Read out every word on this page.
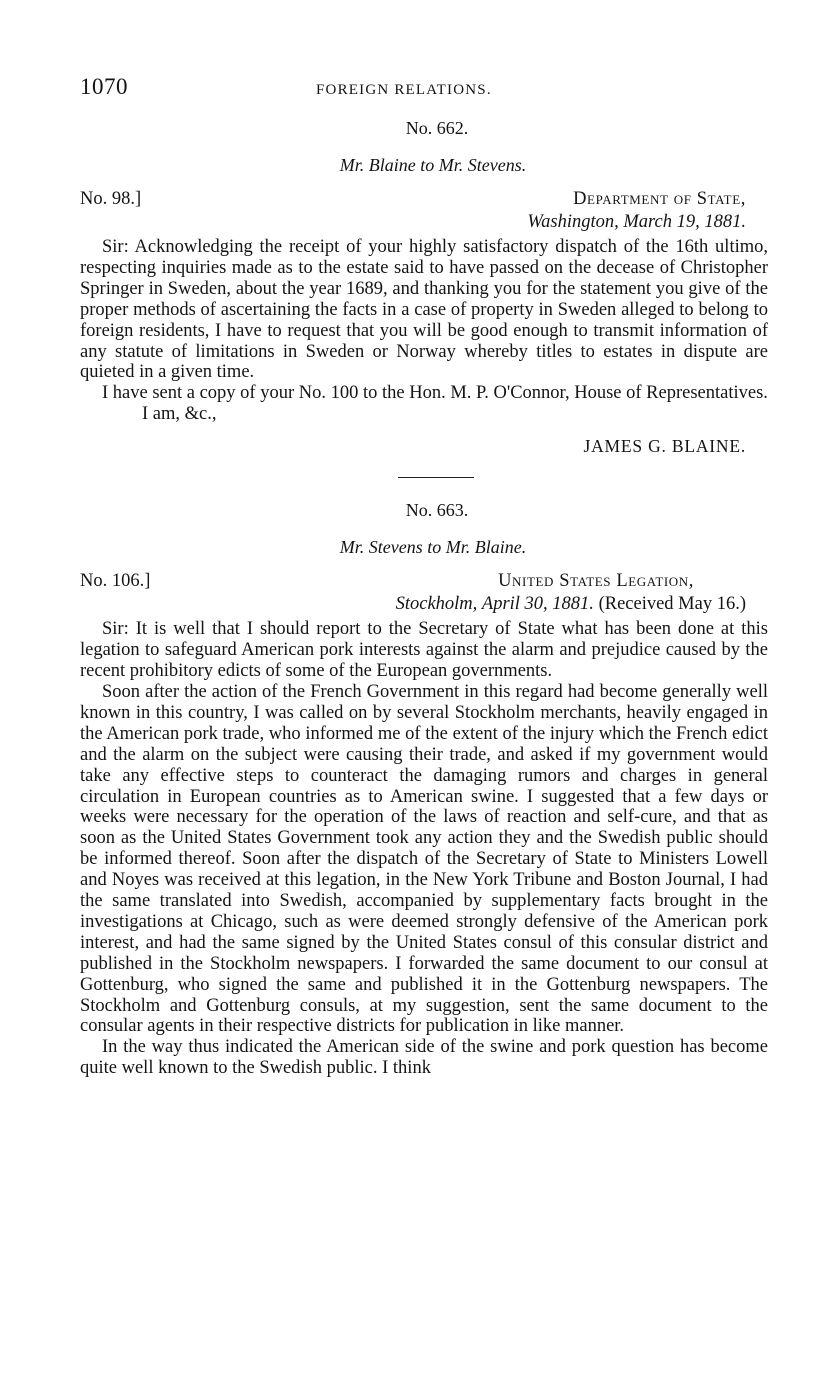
1070	FOREIGN RELATIONS.
No. 662.
Mr. Blaine to Mr. Stevens.
No. 98.]	Department of State,
Washington, March 19, 1881.

Sir: Acknowledging the receipt of your highly satisfactory dispatch of the 16th ultimo, respecting inquiries made as to the estate said to have passed on the decease of Christopher Springer in Sweden, about the year 1689, and thanking you for the statement you give of the proper methods of ascertaining the facts in a case of property in Sweden alleged to belong to foreign residents, I have to request that you will be good enough to transmit information of any statute of limitations in Sweden or Norway whereby titles to estates in dispute are quieted in a given time.

I have sent a copy of your No. 100 to the Hon. M. P. O'Connor, House of Representatives.

I am, &c.,
JAMES G. BLAINE.
No. 663.
Mr. Stevens to Mr. Blaine.
No. 106.]	United States Legation,
Stockholm, April 30, 1881. (Received May 16.)

Sir: It is well that I should report to the Secretary of State what has been done at this legation to safeguard American pork interests against the alarm and prejudice caused by the recent prohibitory edicts of some of the European governments.

Soon after the action of the French Government in this regard had become generally well known in this country, I was called on by several Stockholm merchants, heavily engaged in the American pork trade, who informed me of the extent of the injury which the French edict and the alarm on the subject were causing their trade, and asked if my government would take any effective steps to counteract the damaging rumors and charges in general circulation in European countries as to American swine. I suggested that a few days or weeks were necessary for the operation of the laws of reaction and self-cure, and that as soon as the United States Government took any action they and the Swedish public should be informed thereof. Soon after the dispatch of the Secretary of State to Ministers Lowell and Noyes was received at this legation, in the New York Tribune and Boston Journal, I had the same translated into Swedish, accompanied by supplementary facts brought in the investigations at Chicago, such as were deemed strongly defensive of the American pork interest, and had the same signed by the United States consul of this consular district and published in the Stockholm newspapers. I forwarded the same document to our consul at Gottenburg, who signed the same and published it in the Gottenburg newspapers. The Stockholm and Gottenburg consuls, at my suggestion, sent the same document to the consular agents in their respective districts for publication in like manner.

In the way thus indicated the American side of the swine and pork question has become quite well known to the Swedish public. I think
